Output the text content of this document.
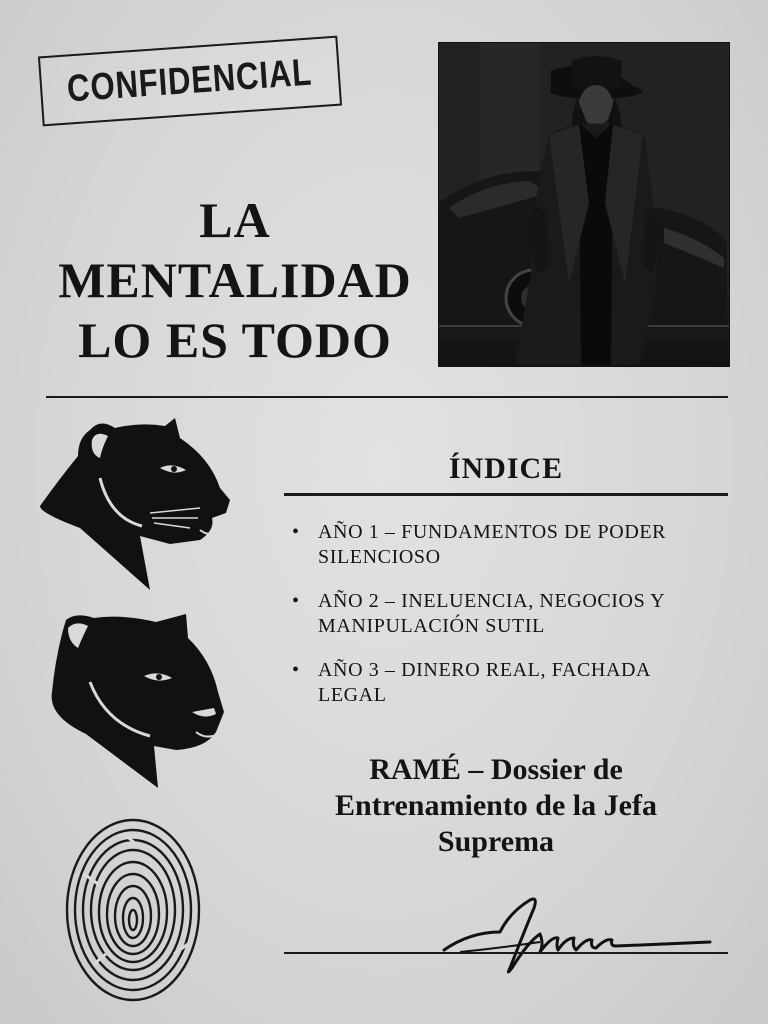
CONFIDENCIAL
LA
MENTALIDAD
LO ES TODO
ÍNDICE
• AÑO 1 – FUNDAMENTOS DE PODER SILENCIOSO
• AÑO 2 – INELUENCIA, NEGOCIOS Y MANIPULACIÓN SUTIL
• AÑO 3 – DINERO REAL, FACHADA LEGAL
RAMÉ – Dossier de
Entrenamiento de la Jefa
Suprema
